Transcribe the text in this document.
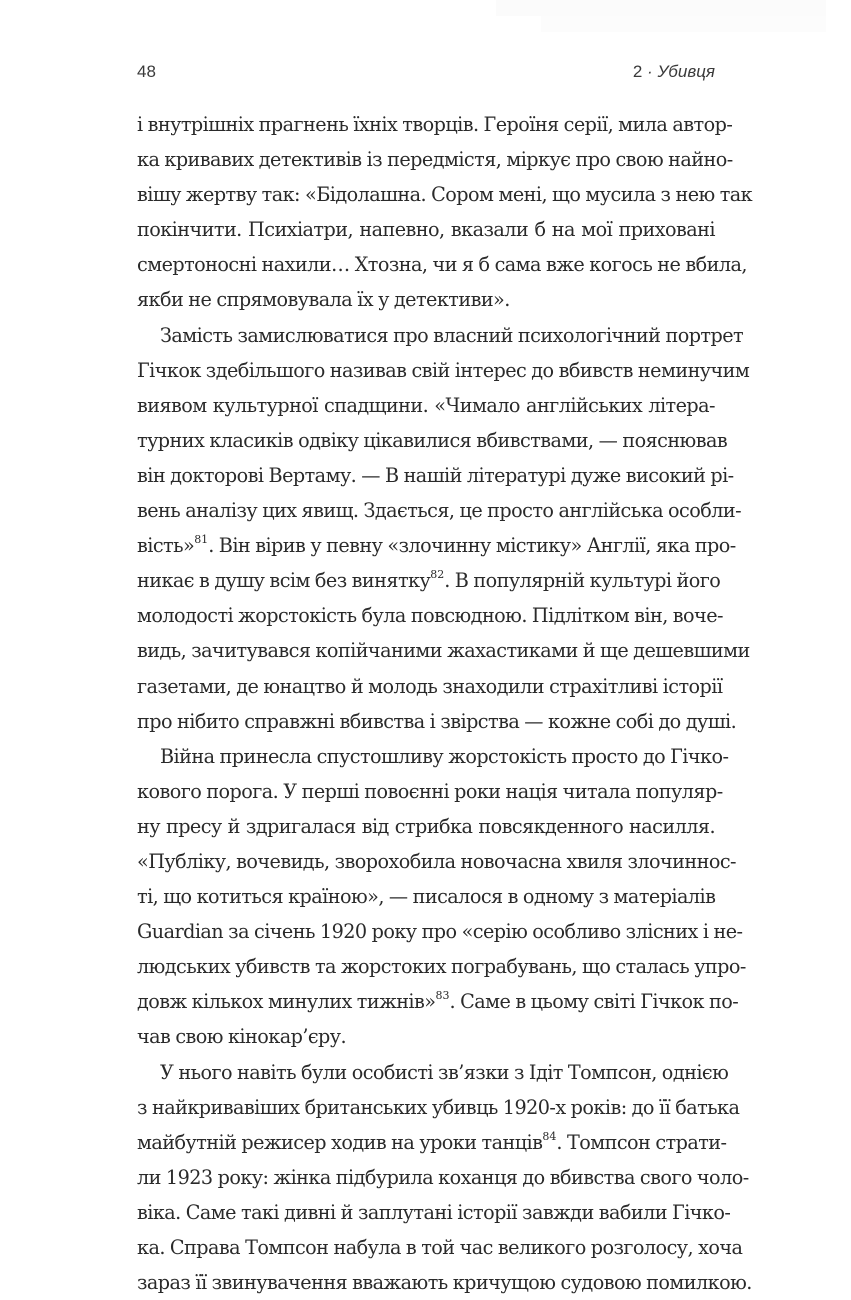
48	2 · Убивця
і внутрішніх прагнень їхніх творців. Героїня серії, мила автор-
ка кривавих детективів із передмістя, міркує про свою найно-
вішу жертву так: «Бідолашна. Сором мені, що мусила з нею так
покінчити. Психіатри, напевно, вказали б на мої приховані
смертоносні нахили… Хтозна, чи я б сама вже когось не вбила,
якби не спрямовувала їх у детективи».
Замість замислюватися про власний психологічний портрет
Гічкок здебільшого називав свій інтерес до вбивств неминучим
виявом культурної спадщини. «Чимало англійських літера-
турних класиків одвіку цікавилися вбивствами, — пояснював
він докторові Вертаму. — В нашій літературі дуже високий рі-
вень аналізу цих явищ. Здається, це просто англійська особли-
вість»$^{81}$. Він вірив у певну «злочинну містику» Англії, яка про-
никає в душу всім без винятку$^{82}$. В популярній культурі його
молодості жорстокість була повсюдною. Підлітком він, воче-
видь, зачитувався копійчаними жахастиками й ще дешевшими
газетами, де юнацтво й молодь знаходили страхітливі історії
про нібито справжні вбивства і звірства — кожне собі до душі.
Війна принесла спустошливу жорстокість просто до Гічко-
кового порога. У перші повоєнні роки нація читала популяр-
ну пресу й здригалася від стрибка повсякденного насилля.
«Публіку, вочевидь, зворохобила новочасна хвиля злочиннос-
ті, що котиться країною», — писалося в одному з матеріалів
Guardian за січень 1920 року про «серію особливо злісних і не-
людських убивств та жорстоких пограбувань, що сталась упро-
довж кількох минулих тижнів»$^{83}$. Саме в цьому світі Гічкок по-
чав свою кінокар’єру.
У нього навіть були особисті зв’язки з Ідіт Томпсон, однією
з найкривавіших британських убивць 1920-х років: до її батька
майбутній режисер ходив на уроки танців$^{84}$. Томпсон страти-
ли 1923 року: жінка підбурила коханця до вбивства свого чоло-
віка. Саме такі дивні й заплутані історії завжди вабили Гічко-
ка. Справа Томпсон набула в той час великого розголосу, хоча
зараз її звинувачення вважають кричущою судовою помилкою.
